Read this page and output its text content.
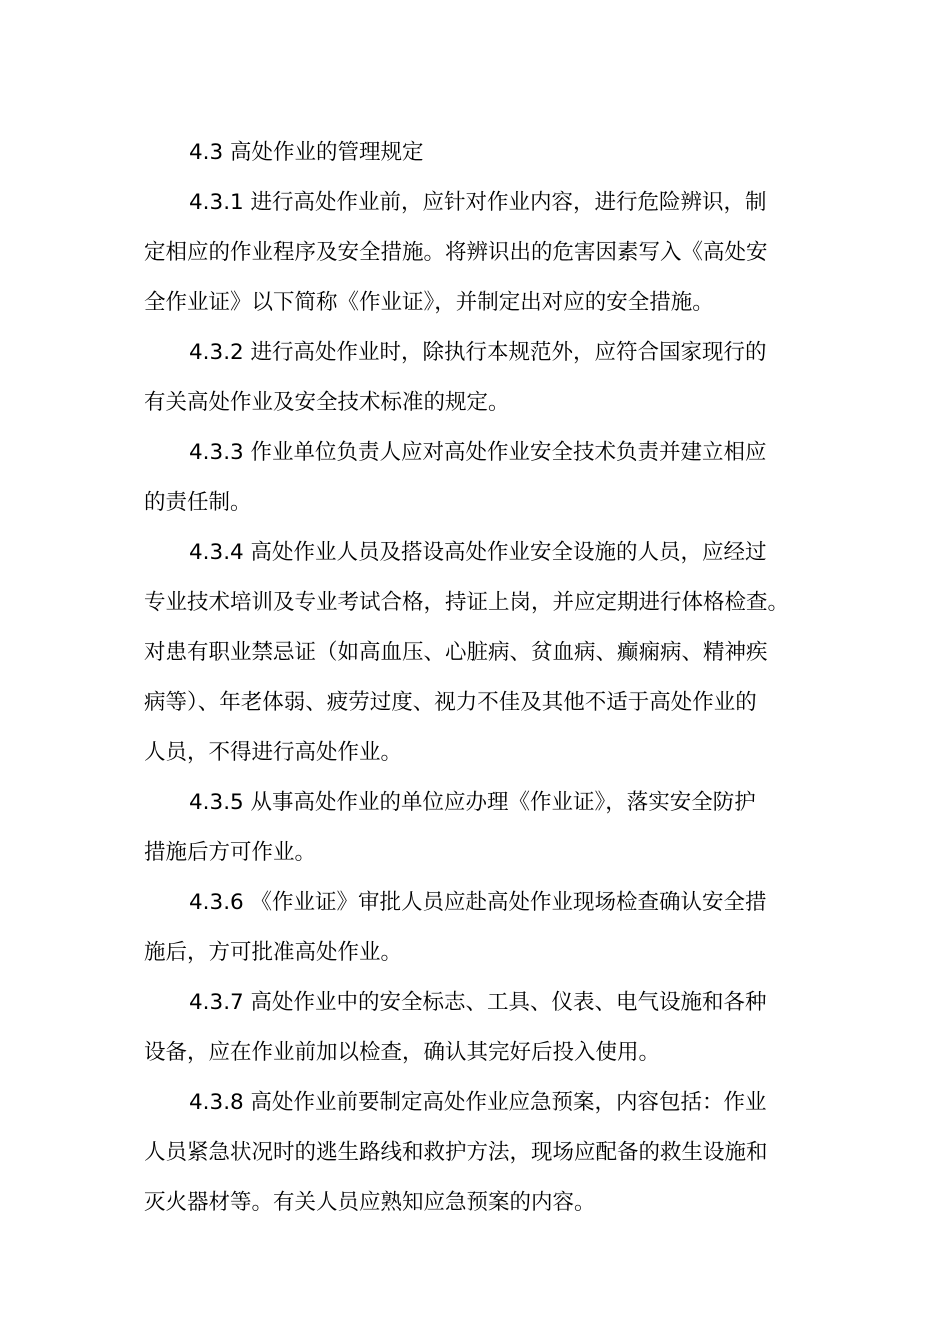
4.3 高处作业的管理规定
4.3.1 进行高处作业前，应针对作业内容，进行危险辨识，制
定相应的作业程序及安全措施。将辨识出的危害因素写入《高处安
全作业证》以下简称《作业证》，并制定出对应的安全措施。
4.3.2 进行高处作业时，除执行本规范外，应符合国家现行的
有关高处作业及安全技术标准的规定。
4.3.3 作业单位负责人应对高处作业安全技术负责并建立相应
的责任制。
4.3.4 高处作业人员及搭设高处作业安全设施的人员，应经过
专业技术培训及专业考试合格，持证上岗，并应定期进行体格检查。
对患有职业禁忌证（如高血压、心脏病、贫血病、癫痫病、精神疾
病等）、年老体弱、疲劳过度、视力不佳及其他不适于高处作业的
人员，不得进行高处作业。
4.3.5 从事高处作业的单位应办理《作业证》，落实安全防护
措施后方可作业。
4.3.6 《作业证》审批人员应赴高处作业现场检查确认安全措
施后，方可批准高处作业。
4.3.7 高处作业中的安全标志、工具、仪表、电气设施和各种
设备，应在作业前加以检查，确认其完好后投入使用。
4.3.8 高处作业前要制定高处作业应急预案，内容包括：作业
人员紧急状况时的逃生路线和救护方法，现场应配备的救生设施和
灭火器材等。有关人员应熟知应急预案的内容。
